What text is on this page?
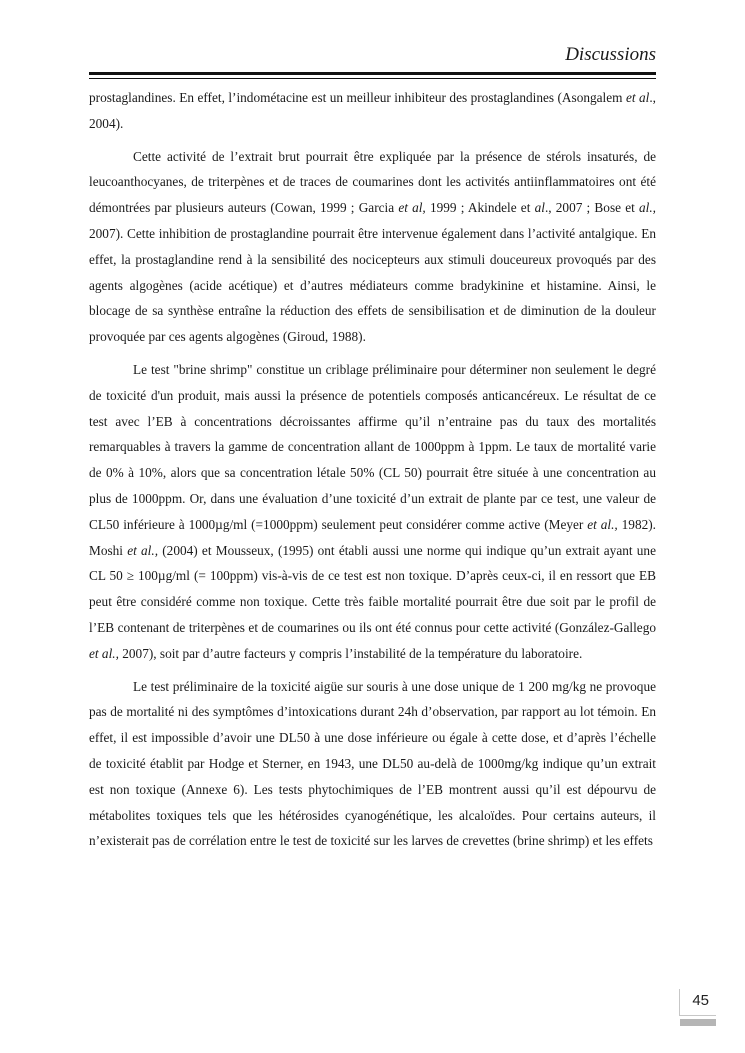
Discussions

prostaglandines. En effet, l’indométacine est un meilleur inhibiteur des prostaglandines (Asongalem et al., 2004).

Cette activité de l’extrait brut pourrait être expliquée par la présence de stérols insaturés, de leucoanthocyanes, de triterpènes et de traces de coumarines dont les activités antiinflammatoires ont été démontrées par plusieurs auteurs (Cowan, 1999 ; Garcia et al, 1999 ; Akindele et al., 2007 ; Bose et al., 2007). Cette inhibition de prostaglandine pourrait être intervenue également dans l’activité antalgique. En effet, la prostaglandine rend à la sensibilité des nocicepteurs aux stimuli douceureux provoqués par des agents algogènes (acide acétique) et d’autres médiateurs comme bradykinine et histamine. Ainsi, le blocage de sa synthèse entraîne la réduction des effets de sensibilisation et de diminution de la douleur provoquée par ces agents algogènes (Giroud, 1988).

Le test "brine shrimp" constitue un criblage préliminaire pour déterminer non seulement le degré de toxicité d'un produit, mais aussi la présence de potentiels composés anticancéreux. Le résultat de ce test avec l’EB à concentrations décroissantes affirme qu’il n’entraine pas du taux des mortalités remarquables à travers la gamme de concentration allant de 1000ppm à 1ppm. Le taux de mortalité varie de 0% à 10%, alors que sa concentration létale 50% (CL 50) pourrait être située à une concentration au plus de 1000ppm. Or, dans une évaluation d’une toxicité d’un extrait de plante par ce test, une valeur de CL50 inférieure à 1000µg/ml (=1000ppm) seulement peut considérer comme active (Meyer et al., 1982). Moshi et al., (2004) et Mousseux, (1995) ont établi aussi une norme qui indique qu’un extrait ayant une CL 50 ≥ 100µg/ml (= 100ppm) vis-à-vis de ce test est non toxique. D’après ceux-ci, il en ressort que EB peut être considéré comme non toxique. Cette très faible mortalité pourrait être due soit par le profil de l’EB contenant de triterpènes et de coumarines ou ils ont été connus pour cette activité (González-Gallego et al., 2007), soit par d’autre facteurs y compris l’instabilité de la température du laboratoire.

Le test préliminaire de la toxicité aigüe sur souris à une dose unique de 1 200 mg/kg ne provoque pas de mortalité ni des symptômes d’intoxications durant 24h d’observation, par rapport au lot témoin. En effet, il est impossible d’avoir une DL50 à une dose inférieure ou égale à cette dose, et d’après l’échelle de toxicité établit par Hodge et Sterner, en 1943, une DL50 au-delà de 1000mg/kg indique qu’un extrait est non toxique (Annexe 6). Les tests phytochimiques de l’EB montrent aussi qu’il est dépourvu de métabolites toxiques tels que les hétérosides cyanogénétique, les alcaloïdes. Pour certains auteurs, il n’existerait pas de corrélation entre le test de toxicité sur les larves de crevettes (brine shrimp) et les effets

45
